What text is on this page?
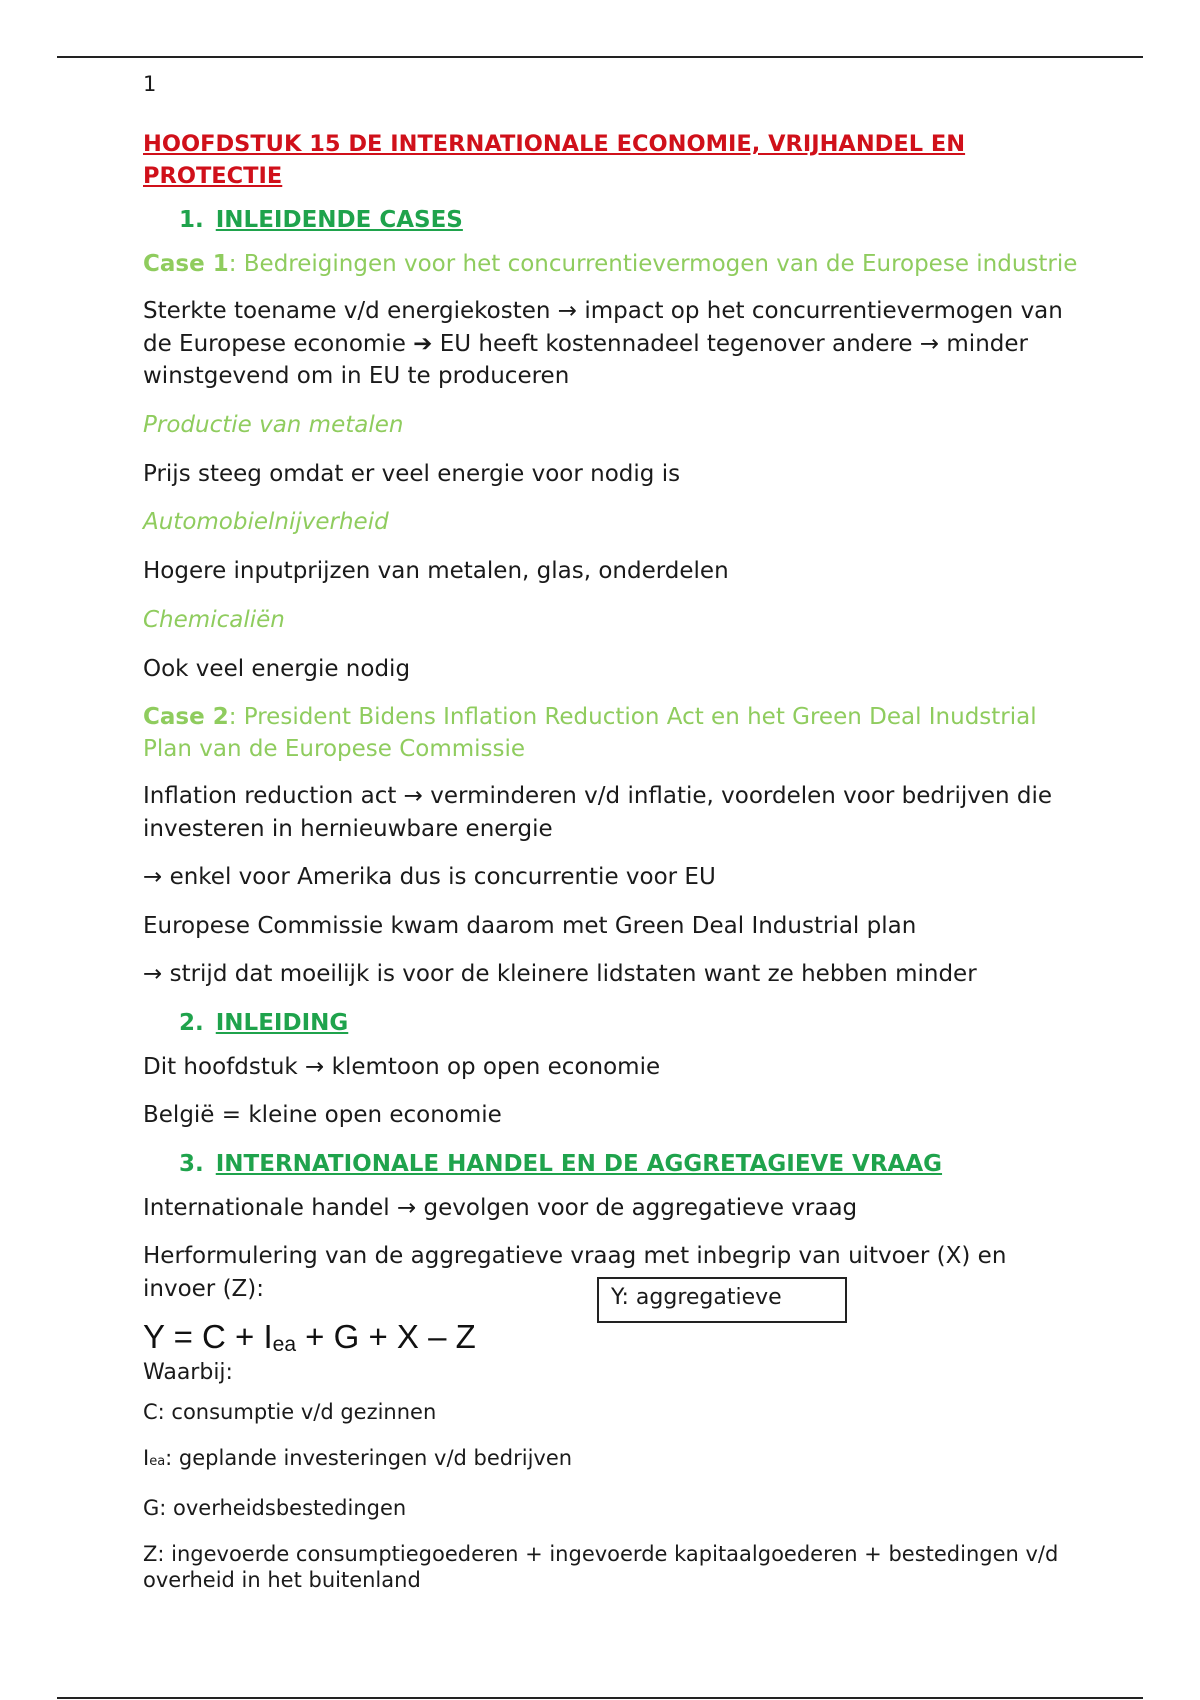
1
HOOFDSTUK 15 DE INTERNATIONALE ECONOMIE, VRIJHANDEL EN PROTECTIE
1. INLEIDENDE CASES
Case 1: Bedreigingen voor het concurrentievermogen van de Europese industrie

Sterkte toename v/d energiekosten → impact op het concurrentievermogen van de Europese economie ➔ EU heeft kostennadeel tegenover andere → minder winstgevend om in EU te produceren

Productie van metalen

Prijs steeg omdat er veel energie voor nodig is

Automobielnijverheid

Hogere inputprijzen van metalen, glas, onderdelen

Chemicaliën

Ook veel energie nodig

Case 2: President Bidens Inflation Reduction Act en het Green Deal Inudstrial Plan van de Europese Commissie

Inflation reduction act → verminderen v/d inflatie, voordelen voor bedrijven die investeren in hernieuwbare energie

→ enkel voor Amerika dus is concurrentie voor EU

Europese Commissie kwam daarom met Green Deal Industrial plan

→ strijd dat moeilijk is voor de kleinere lidstaten want ze hebben minder

2. INLEIDING

Dit hoofdstuk → klemtoon op open economie

België = kleine open economie

3. INTERNATIONALE HANDEL EN DE AGGRETAGIEVE VRAAG

Internationale handel → gevolgen voor de aggregatieve vraag

Herformulering van de aggregatieve vraag met inbegrip van uitvoer (X) en invoer (Z):

$Y = C + I_{ea} + G + X - Z$
Y: aggregatieve
Waarbij:

C: consumptie v/d gezinnen

Iea: geplande investeringen v/d bedrijven

G: overheidsbestedingen

Z: ingevoerde consumptiegoederen + ingevoerde kapitaalgoederen + bestedingen v/d overheid in het buitenland
